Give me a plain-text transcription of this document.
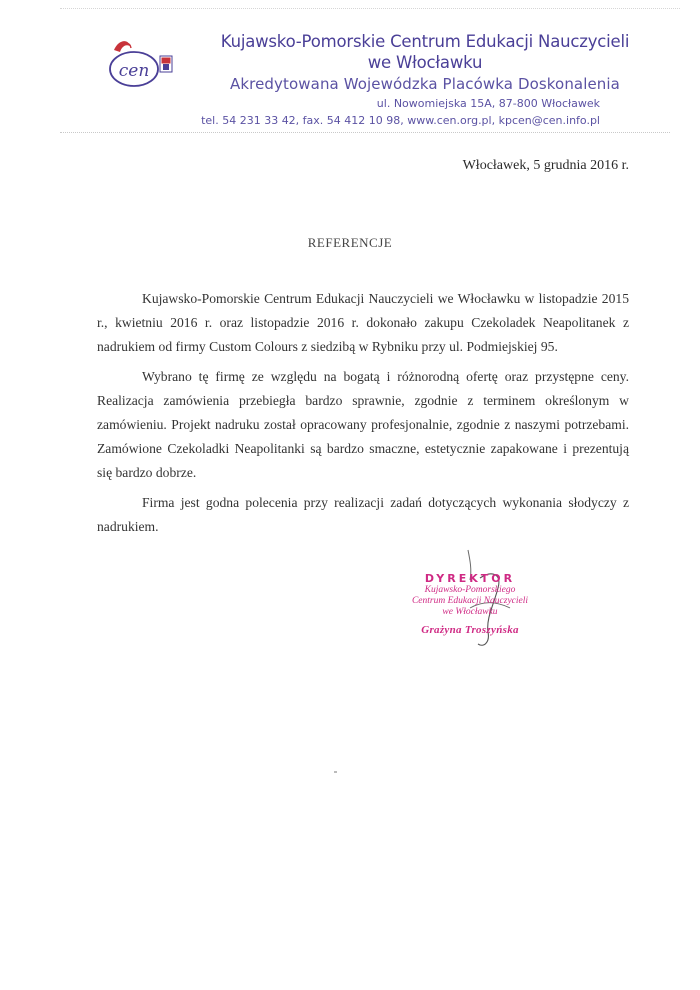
cen
Kujawsko-Pomorskie Centrum Edukacji Nauczycieli
we Włocławku
Akredytowana Wojewódzka Placówka Doskonalenia
ul. Nowomiejska 15A, 87-800 Włocławek
tel. 54 231 33 42, fax. 54 412 10 98, www.cen.org.pl, kpcen@cen.info.pl
Włocławek, 5 grudnia 2016 r.
REFERENCJE

Kujawsko-Pomorskie Centrum Edukacji Nauczycieli we Włocławku w listopadzie 2015 r., kwietniu 2016 r. oraz listopadzie 2016 r. dokonało zakupu Czekoladek Neapolitanek z nadrukiem od firmy Custom Colours z siedzibą w Rybniku przy ul. Podmiejskiej 95.

Wybrano tę firmę ze względu na bogatą i różnorodną ofertę oraz przystępne ceny. Realizacja zamówienia przebiegła bardzo sprawnie, zgodnie z terminem określonym w zamówieniu. Projekt nadruku został opracowany profesjonalnie, zgodnie z naszymi potrzebami. Zamówione Czekoladki Neapolitanki są bardzo smaczne, estetycznie zapakowane i prezentują się bardzo dobrze.

Firma jest godna polecenia przy realizacji zadań dotyczących wykonania słodyczy z nadrukiem.

DYREKTOR
Kujawsko-Pomorskiego
Centrum Edukacji Nauczycieli
we Włocławku
Grażyna Troszyńska
